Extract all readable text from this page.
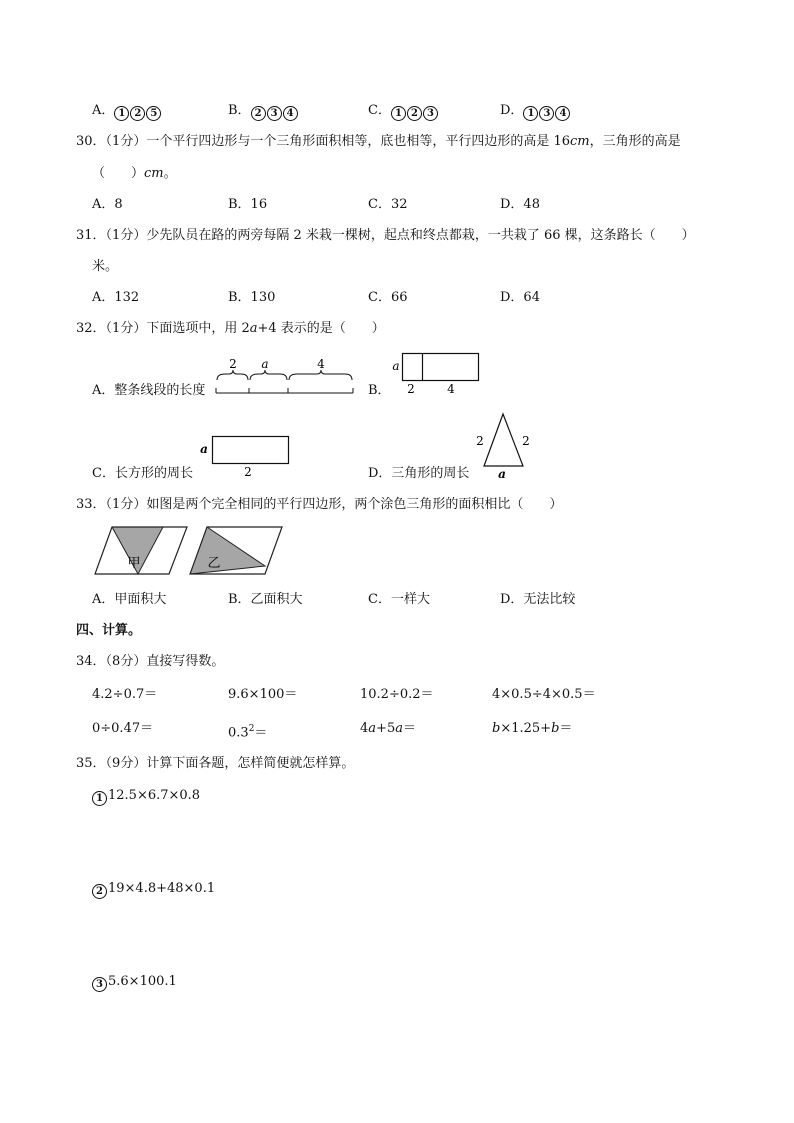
A． 1 2 5	B． 2 3 4	C． 1 2 3	D． 1 3 4
30．（1分）一个平行四边形与一个三角形面积相等，底也相等，平行四边形的高是 16cm，三角形的高是
（　　）cm。
A．8	B．16	C．32	D．48
31．（1分）少先队员在路的两旁每隔 2 米栽一棵树，起点和终点都栽，一共栽了 66 棵，这条路长（　　）
米。
A．132	B．130	C．66	D．64
32．（1分）下面选项中，用 2a+4 表示的是（　　）
A．整条线段的长度
2 a	4
B．
a
2	4
C．长方形的周长
a
2	D．三角形的周长
2	2
a
33．（1分）如图是两个完全相同的平行四边形，两个涂色三角形的面积相比（　　）
甲	乙
A．甲面积大	B．乙面积大	C．一样大	D．无法比较
四、计算。
34．（8分）直接写得数。
4.2÷0.7＝	9.6×100＝	10.2÷0.2＝	4×0.5÷4×0.5＝
0÷0.47＝	$0.3^2=$	4a+5a＝	b×1.25+b＝
35．（9分）计算下面各题，怎样简便就怎样算。
1 12.5×6.7×0.8
2 19×4.8+48×0.1
3 5.6×100.1
